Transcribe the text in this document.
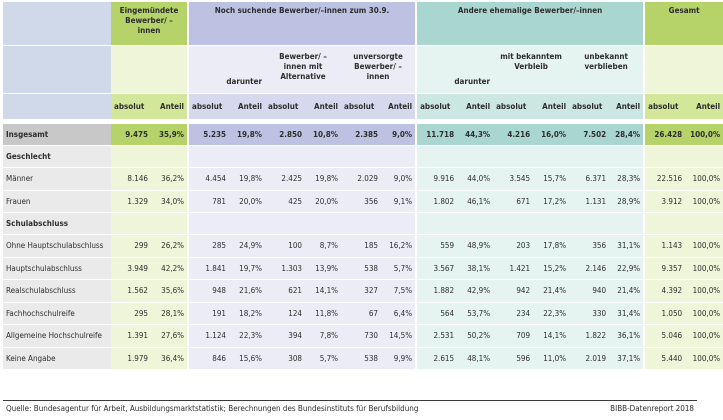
	Eingemündete Bewerber/ –innen		Noch suchende Bewerber/–innen zum 30.9.						Andere ehemalige Bewerber/–innen						Gesamt	
			darunter		Bewerber/ –innen mit Alternative		unversorgte Bewerber/ –innen		darunter		mit bekanntem Verbleib		unbekannt verblieben			
	absolut	Anteil	absolut	Anteil	absolut	Anteil	absolut	Anteil	absolut	Anteil	absolut	Anteil	absolut	Anteil	absolut	Anteil

Insgesamt	9.475	35,9%	5.235	19,8%	2.850	10,8%	2.385	9,0%	11.718	44,3%	4.216	16,0%	7.502	28,4%	26.428	100,0%
Geschlecht																
Männer	8.146	36,2%	4.454	19,8%	2.425	19,8%	2.029	9,0%	9.916	44,0%	3.545	15,7%	6.371	28,3%	22.516	100,0%
Frauen	1.329	34,0%	781	20,0%	425	20,0%	356	9,1%	1.802	46,1%	671	17,2%	1.131	28,9%	3.912	100,0%
Schulabschluss																
Ohne Hauptschulabschluss	299	26,2%	285	24,9%	100	8,7%	185	16,2%	559	48,9%	203	17,8%	356	31,1%	1.143	100,0%
Hauptschulabschluss	3.949	42,2%	1.841	19,7%	1.303	13,9%	538	5,7%	3.567	38,1%	1.421	15,2%	2.146	22,9%	9.357	100,0%
Realschulabschluss	1.562	35,6%	948	21,6%	621	14,1%	327	7,5%	1.882	42,9%	942	21,4%	940	21,4%	4.392	100,0%
Fachhochschulreife	295	28,1%	191	18,2%	124	11,8%	67	6,4%	564	53,7%	234	22,3%	330	31,4%	1.050	100,0%
Allgemeine Hochschulreife	1.391	27,6%	1.124	22,3%	394	7,8%	730	14,5%	2.531	50,2%	709	14,1%	1.822	36,1%	5.046	100,0%
Keine Angabe	1.979	36,4%	846	15,6%	308	5,7%	538	9,9%	2.615	48,1%	596	11,0%	2.019	37,1%	5.440	100,0%
Quelle: Bundesagentur für Arbeit, Ausbildungsmarktstatistik; Berechnungen des Bundesinstituts für Berufsbildung	BIBB-Datenreport 2018
